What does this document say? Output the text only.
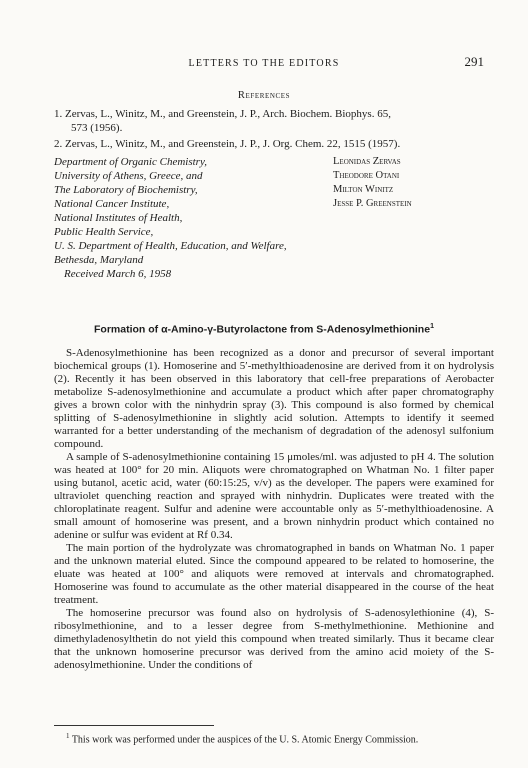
LETTERS TO THE EDITORS	291
References
1. Zervas, L., Winitz, M., and Greenstein, J. P., Arch. Biochem. Biophys. 65,
573 (1956).
2. Zervas, L., Winitz, M., and Greenstein, J. P., J. Org. Chem. 22, 1515 (1957).
Department of Organic Chemistry,
University of Athens, Greece, and
The Laboratory of Biochemistry,
National Cancer Institute,
National Institutes of Health,
Public Health Service,
U. S. Department of Health, Education, and Welfare,
Bethesda, Maryland
Leonidas Zervas
Theodore Otani
Milton Winitz
Jesse P. Greenstein
Received March 6, 1958
Formation of α-Amino-γ-Butyrolactone from S-Adenosylmethionine$^1$

S-Adenosylmethionine has been recognized as a donor and precursor of several important biochemical groups (1). Homoserine and 5′-methylthioadenosine are derived from it on hydrolysis (2). Recently it has been observed in this laboratory that cell-free preparations of Aerobacter metabolize S-adenosylmethionine and accumulate a product which after paper chromatography gives a brown color with the ninhydrin spray (3). This compound is also formed by chemical splitting of S-adenosylmethionine in slightly acid solution. Attempts to identify it seemed warranted for a better understanding of the mechanism of degradation of the adenosyl sulfonium compound.

A sample of S-adenosylmethionine containing 15 μmoles/ml. was adjusted to pH 4. The solution was heated at 100° for 20 min. Aliquots were chromatographed on Whatman No. 1 filter paper using butanol, acetic acid, water (60:15:25, v/v) as the developer. The papers were examined for ultraviolet quenching reaction and sprayed with ninhydrin. Duplicates were treated with the chloroplatinate reagent. Sulfur and adenine were accountable only as 5′-methylthioadenosine. A small amount of homoserine was present, and a brown ninhydrin product which contained no adenine or sulfur was evident at Rf 0.34.

The main portion of the hydrolyzate was chromatographed in bands on Whatman No. 1 paper and the unknown material eluted. Since the compound appeared to be related to homoserine, the eluate was heated at 100° and aliquots were removed at intervals and chromatographed. Homoserine was found to accumulate as the other material disappeared in the course of the heat treatment.

The homoserine precursor was found also on hydrolysis of S-adenosylethionine (4), S-ribosylmethionine, and to a lesser degree from S-methylmethionine. Methionine and dimethyladenosylthetin do not yield this compound when treated similarly. Thus it became clear that the unknown homoserine precursor was derived from the amino acid moiety of the S-adenosylmethionine. Under the conditions of

$^1$ This work was performed under the auspices of the U. S. Atomic Energy Commission.
